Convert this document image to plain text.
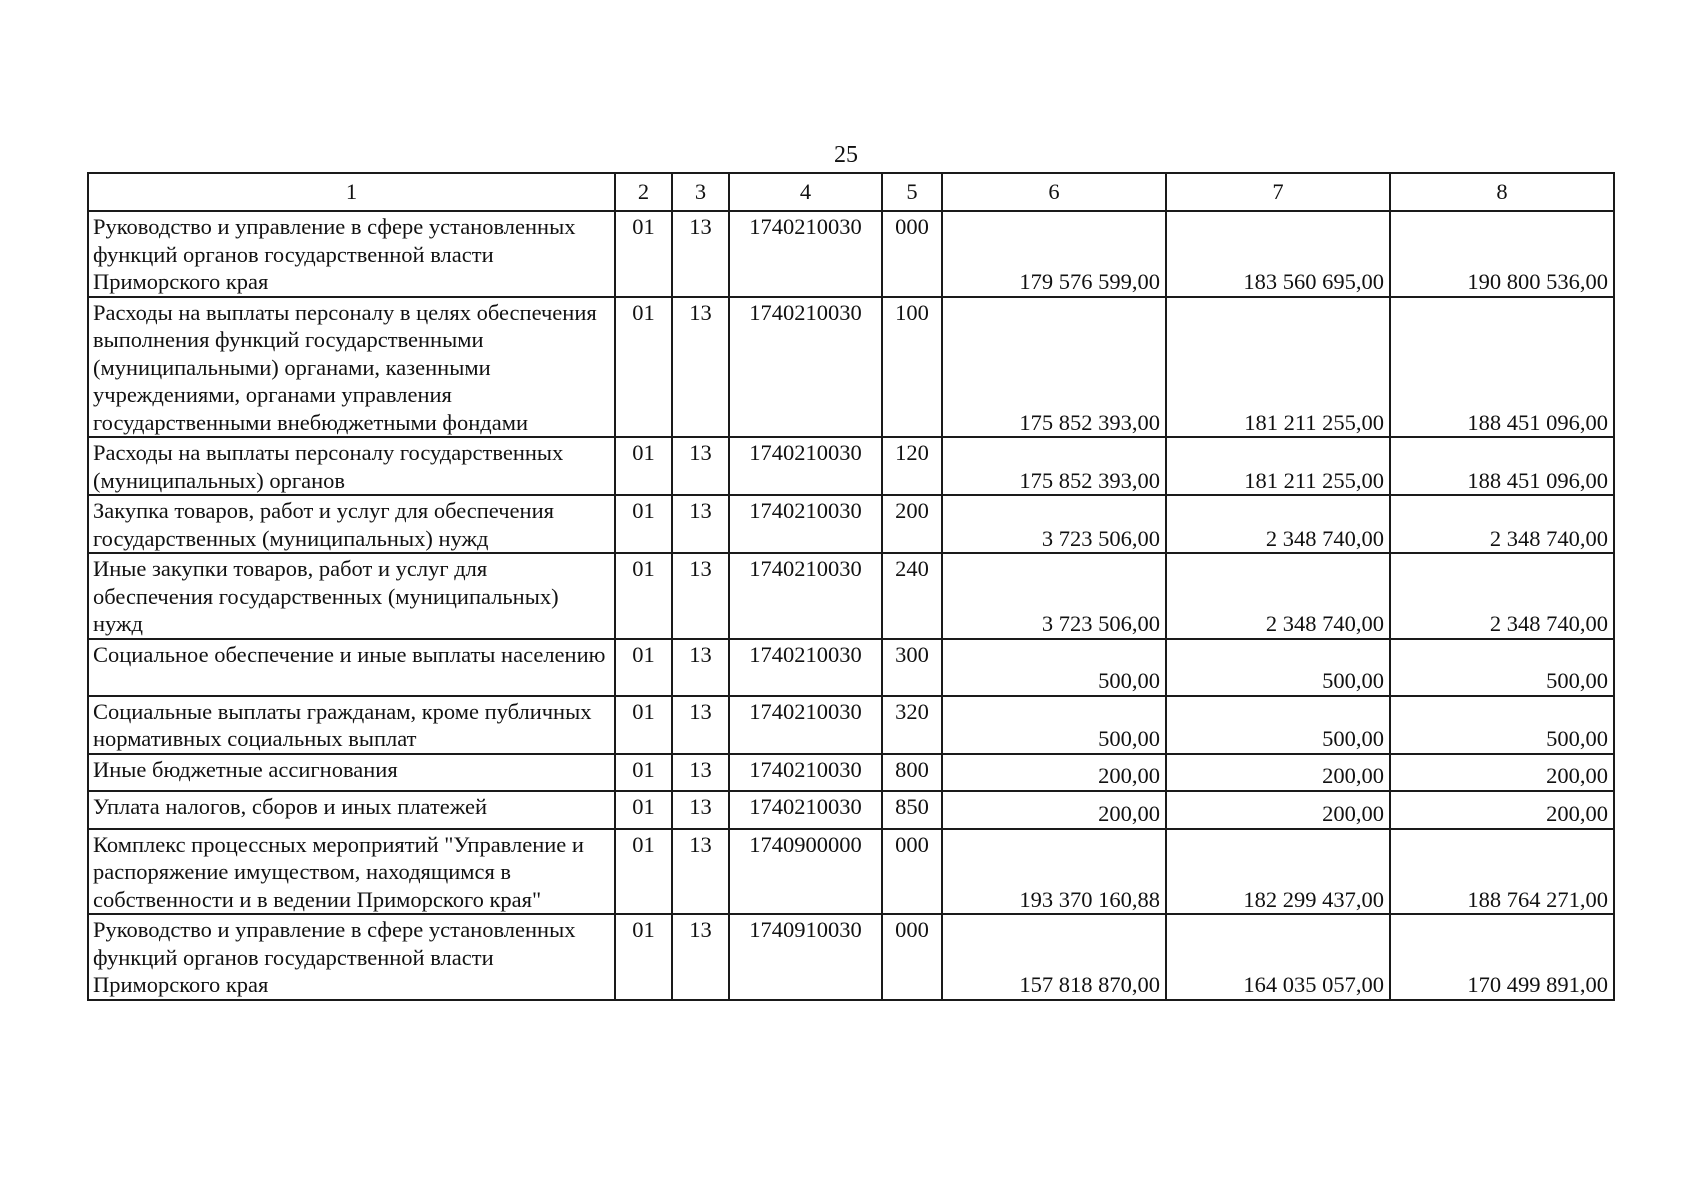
25
1	2	3	4	5	6	7	8
Руководство и управление в сфере установленных функций органов государственной власти Приморского края	01	13	1740210030	000	179 576 599,00	183 560 695,00	190 800 536,00
Расходы на выплаты персоналу в целях обеспечения выполнения функций государственными (муниципальными) органами, казенными учреждениями, органами управления государственными внебюджетными фондами	01	13	1740210030	100	175 852 393,00	181 211 255,00	188 451 096,00
Расходы на выплаты персоналу государственных (муниципальных) органов	01	13	1740210030	120	175 852 393,00	181 211 255,00	188 451 096,00
Закупка товаров, работ и услуг для обеспечения государственных (муниципальных) нужд	01	13	1740210030	200	3 723 506,00	2 348 740,00	2 348 740,00
Иные закупки товаров, работ и услуг для обеспечения государственных (муниципальных) нужд	01	13	1740210030	240	3 723 506,00	2 348 740,00	2 348 740,00
Социальное обеспечение и иные выплаты населению	01	13	1740210030	300	500,00	500,00	500,00
Социальные выплаты гражданам, кроме публичных нормативных социальных выплат	01	13	1740210030	320	500,00	500,00	500,00
Иные бюджетные ассигнования	01	13	1740210030	800	200,00	200,00	200,00
Уплата налогов, сборов и иных платежей	01	13	1740210030	850	200,00	200,00	200,00
Комплекс процессных мероприятий "Управление и распоряжение имуществом, находящимся в собственности и в ведении Приморского края"	01	13	1740900000	000	193 370 160,88	182 299 437,00	188 764 271,00
Руководство и управление в сфере установленных функций органов государственной власти Приморского края	01	13	1740910030	000	157 818 870,00	164 035 057,00	170 499 891,00
